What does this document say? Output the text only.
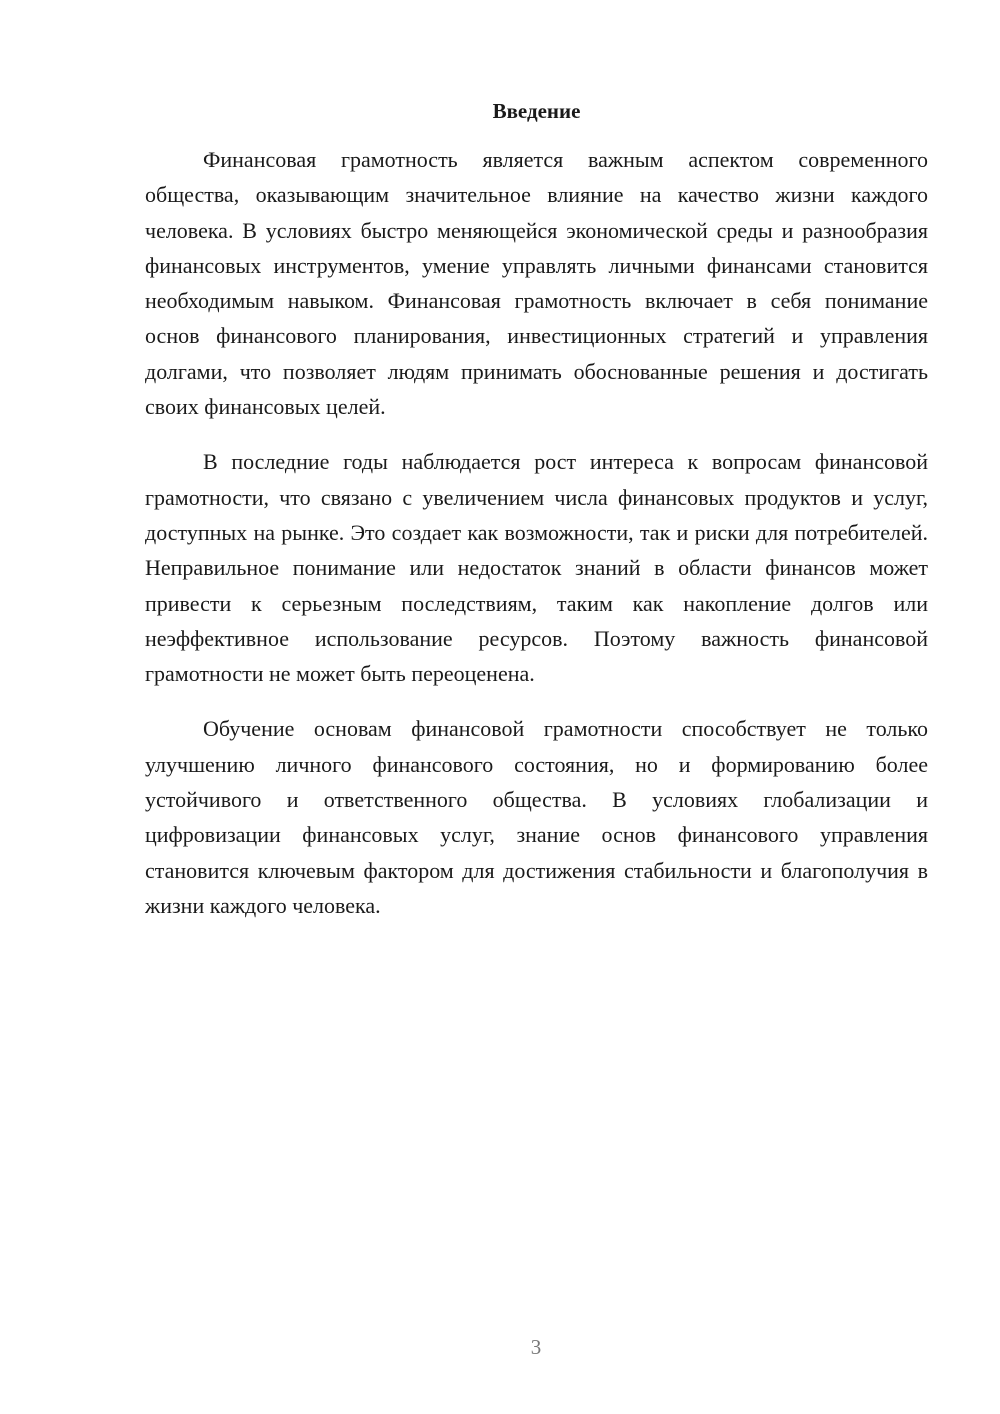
Введение

Финансовая грамотность является важным аспектом современного общества, оказывающим значительное влияние на качество жизни каждого человека. В условиях быстро меняющейся экономической среды и разнообразия финансовых инструментов, умение управлять личными финансами становится необходимым навыком. Финансовая грамотность включает в себя понимание основ финансового планирования, инвестиционных стратегий и управления долгами, что позволяет людям принимать обоснованные решения и достигать своих финансовых целей.

В последние годы наблюдается рост интереса к вопросам финансовой грамотности, что связано с увеличением числа финансовых продуктов и услуг, доступных на рынке. Это создает как возможности, так и риски для потребителей. Неправильное понимание или недостаток знаний в области финансов может привести к серьезным последствиям, таким как накопление долгов или неэффективное использование ресурсов. Поэтому важность финансовой грамотности не может быть переоценена.

Обучение основам финансовой грамотности способствует не только улучшению личного финансового состояния, но и формированию более устойчивого и ответственного общества. В условиях глобализации и цифровизации финансовых услуг, знание основ финансового управления становится ключевым фактором для достижения стабильности и благополучия в жизни каждого человека.

3
